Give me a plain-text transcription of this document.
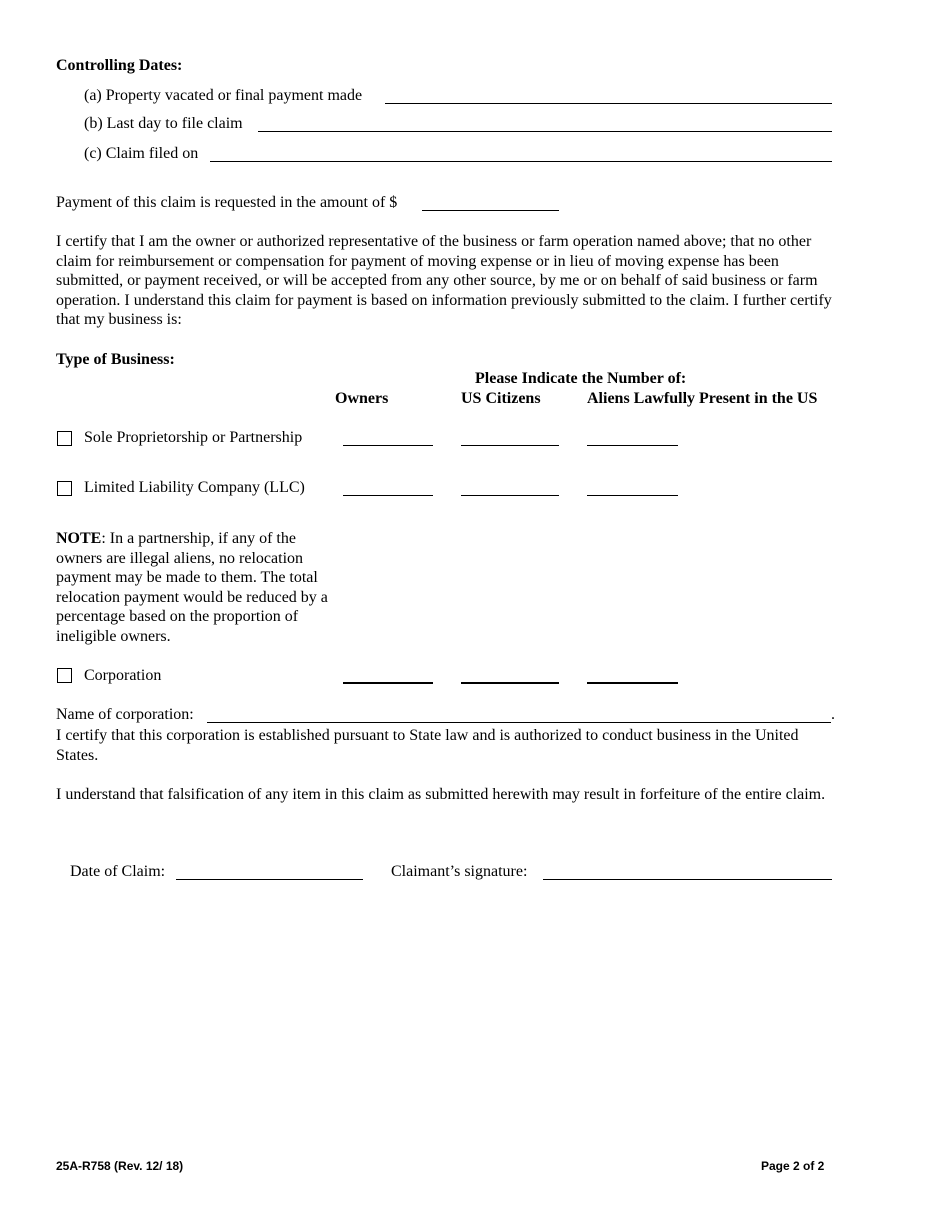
Controlling Dates:
(a) Property vacated or final payment made
(b) Last day to file claim
(c) Claim filed on
Payment of this claim is requested in the amount of $
I certify that I am the owner or authorized representative of the business or farm operation named above; that no other claim for reimbursement or compensation for payment of moving expense or in lieu of moving expense has been submitted, or payment received, or will be accepted from any other source, by me or on behalf of said business or farm operation. I understand this claim for payment is based on information previously submitted to the claim. I further certify that my business is:
Type of Business:
Please Indicate the Number of:
Owners	US Citizens	Aliens Lawfully Present in the US
Sole Proprietorship or Partnership
Limited Liability Company (LLC)
NOTE: In a partnership, if any of the owners are illegal aliens, no relocation payment may be made to them. The total relocation payment would be reduced by a percentage based on the proportion of ineligible owners.
Corporation
Name of corporation:	.
I certify that this corporation is established pursuant to State law and is authorized to conduct business in the United States.
I understand that falsification of any item in this claim as submitted herewith may result in forfeiture of the entire claim.
Date of Claim:	Claimant’s signature:
25A-R758 (Rev. 12/ 18)	Page 2 of 2
